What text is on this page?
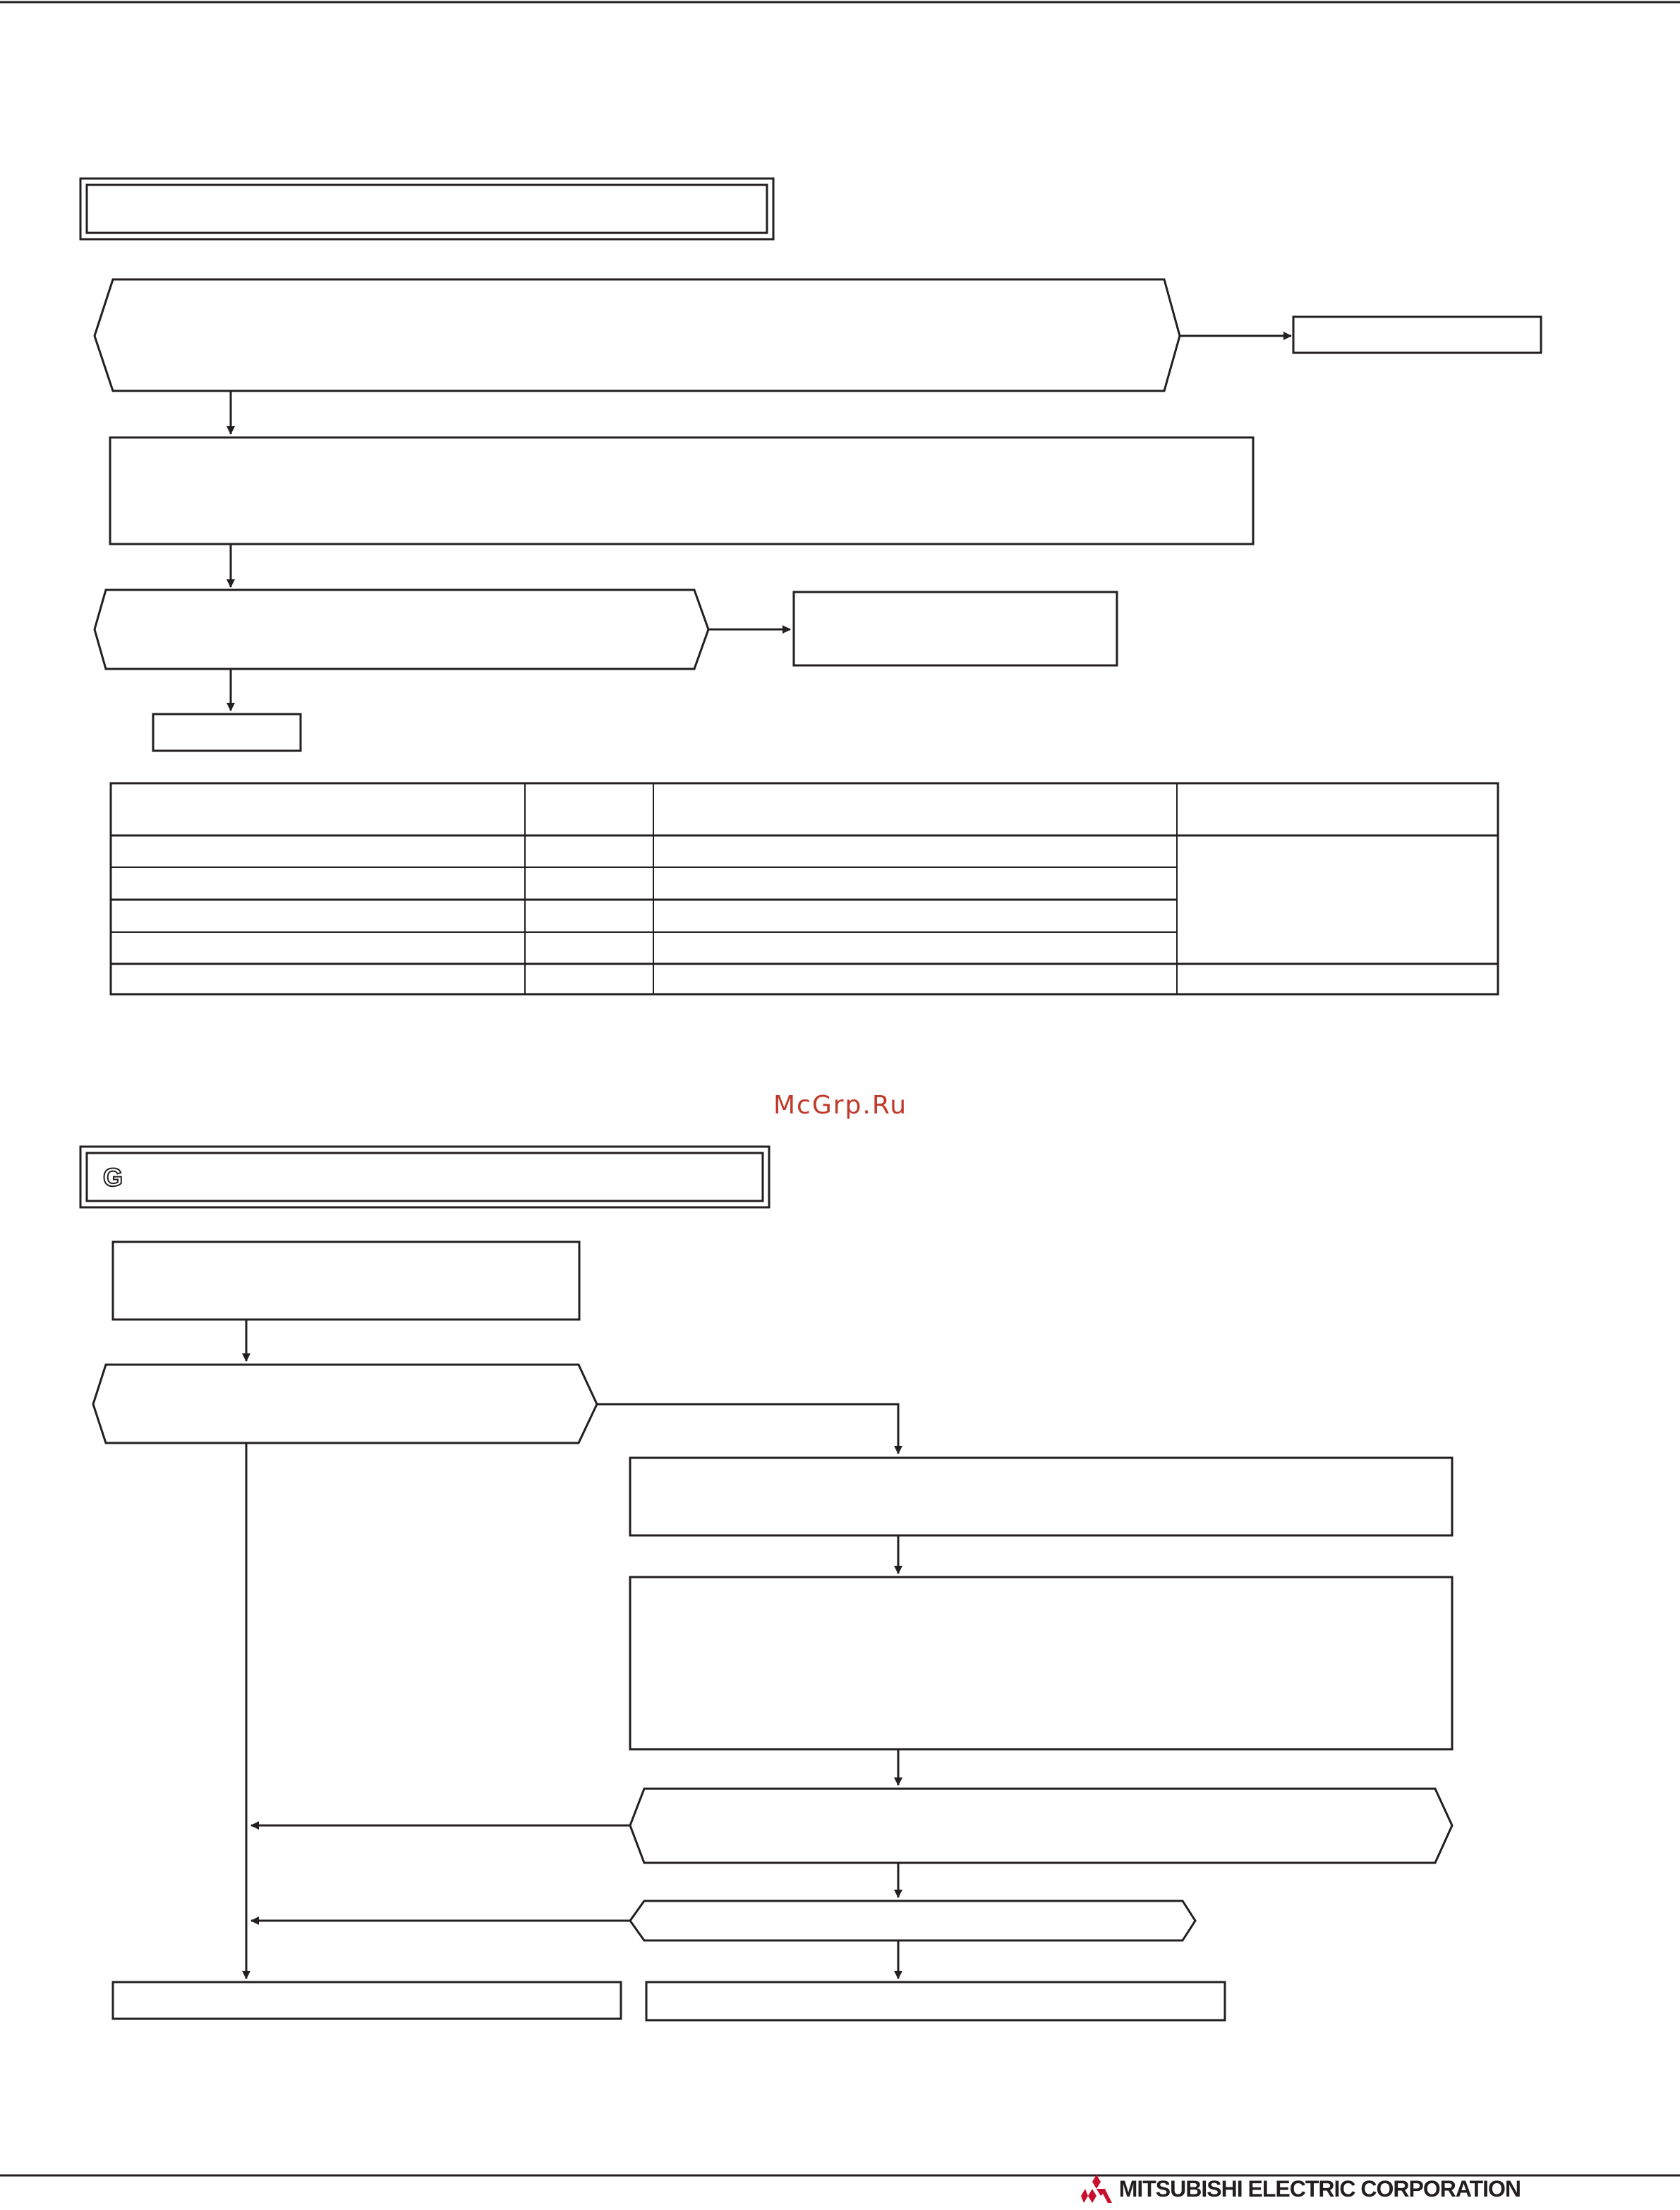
G

McGrp.Ru

MITSUBISHI ELECTRIC CORPORATION
